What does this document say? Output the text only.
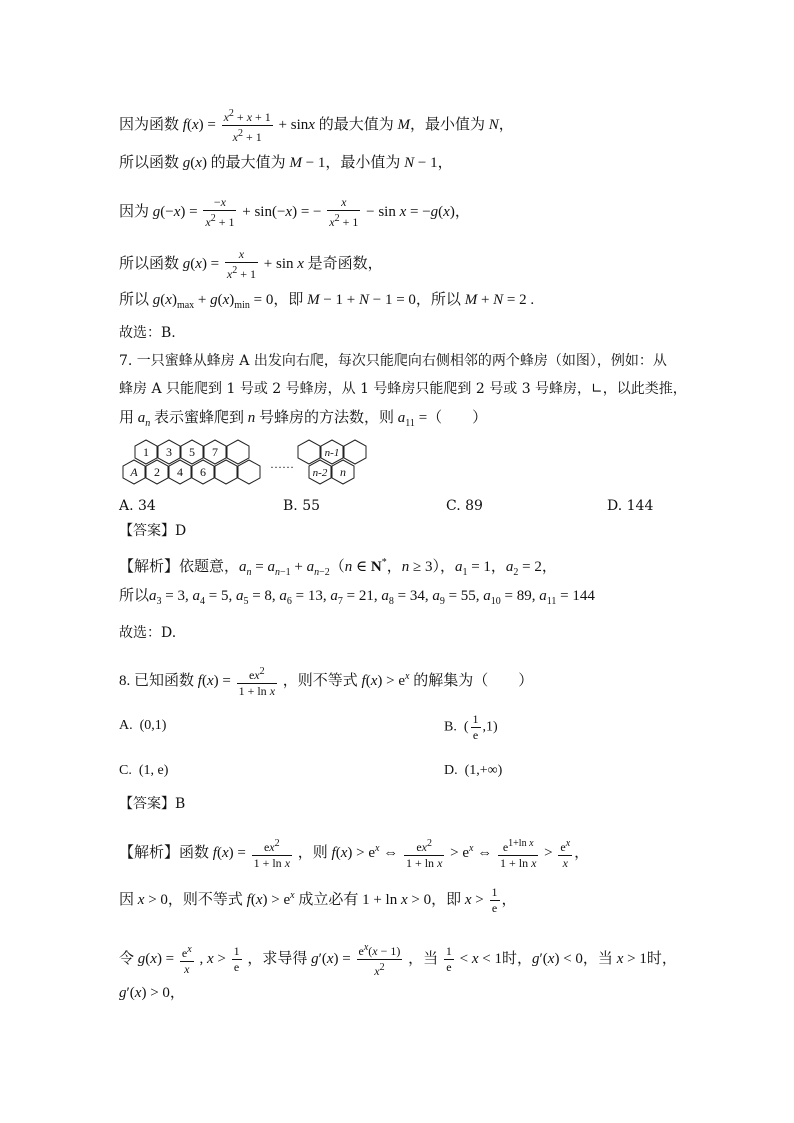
因为函数 $f(x) = \frac{x^2 + x + 1}{x^2 + 1} + \sin x$ 的最大值为 M，最小值为 N，
所以函数 g(x) 的最大值为 M − 1，最小值为 N − 1，
因为 $g(-x) = \frac{-x}{x^2 + 1} + \sin(-x)$ = − $\frac{x}{x^2 + 1} - \sin x = -g(x)$，
所以函数 $g(x) = \frac{x}{x^2 + 1} + \sin x$ 是奇函数，
所以 $g(x)_{max} + g(x)_{min} = 0$，即 M − 1 + N − 1 = 0，所以 M + N = 2 .
故选：B.
7. 一只蜜蜂从蜂房 A 出发向右爬，每次只能爬向右侧相邻的两个蜂房（如图），例如：从
蜂房 A 只能爬到 1 号或 2 号蜂房，从 1 号蜂房只能爬到 2 号或 3 号蜂房，∟，以此类推，
用 $a_n$ 表示蜜蜂爬到 n 号蜂房的方法数，则 $a_{11}$ =（　　）
1 3 5 7
A 2 4 6
……
n-1
n-2 n
A. 34	B. 55	C. 89	D. 144
【答案】D
【解析】依题意，$a_n = a_{n-1} + a_{n-2}(n$ ∈ N*，n ≥ 3），$a_1 = 1$，$a_2 = 2$，
所以$a_3 = 3$, $a_4 = 5$, $a_5 = 8$, $a_6 = 13$, $a_7 = 21$, $a_8 = 34$, $a_9 = 55$, $a_{10} = 89$, $a_{11} = 144$
故选：D.
8. 已知函数 $f(x) = \frac{ex^2}{\text{1 + ln x}}$ ，则不等式 $f(x) > e^x$ 的解集为（　　）
A.  (0,1)	B.  ( $\frac{1}{e} ,1$)
C.  (1, e)	D.  (1,+∞)
【答案】B
【解析】函数 $f(x) = \frac{ex^2}{\text{1 + ln x}}$ ，则 $f(x) > e^x$ ⇔ $\frac{ex^2}{\text{1 + ln x}} > e^x$ ⇔ $\frac{e^{1+ln x}}{\text{1 + ln x}} > \frac{e^x}{x}$ ，
因 x > 0，则不等式 $f(x) > e^x$ 成立必有 1 + ln x > 0，即 $x > \frac{1}{e}$ ，
令 $g(x) = \frac{e^x}{x}$ , $x > \frac{1}{e}$ ，求导得 $g'(x) = \frac{e^x(x - 1)}{x^2}$ ，当 $\frac{1}{e} < x < 1$时，g′(x) < 0，当 x > 1时，
g′(x) > 0，
